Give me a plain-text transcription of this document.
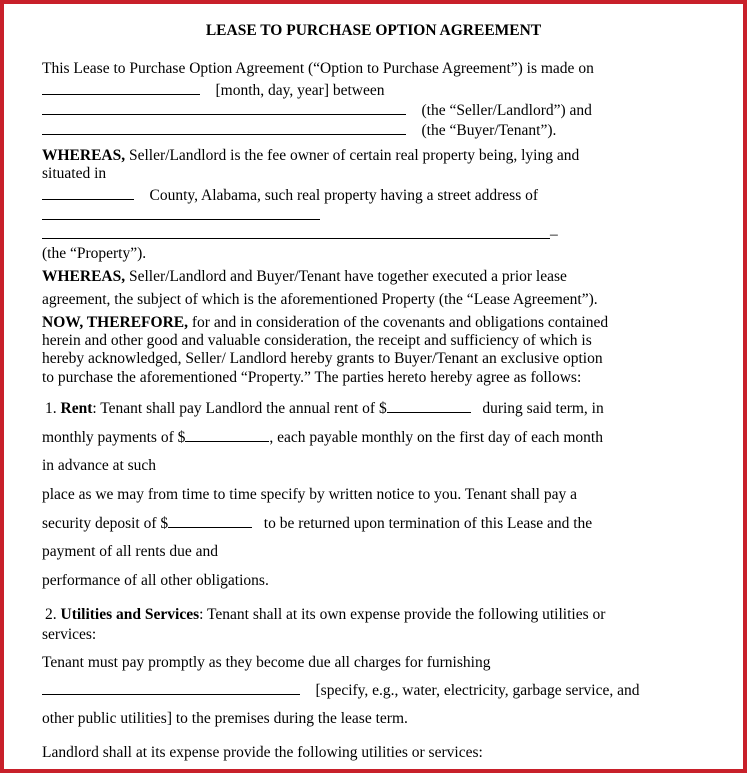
LEASE TO PURCHASE OPTION AGREEMENT
This Lease to Purchase Option Agreement (“Option to Purchase Agreement”) is made on
[month, day, year] between
(the “Seller/Landlord”) and
(the “Buyer/Tenant”).
WHEREAS, Seller/Landlord is the fee owner of certain real property being, lying and
situated in
County, Alabama, such real property having a street address of
–
(the “Property”).
WHEREAS, Seller/Landlord and Buyer/Tenant have together executed a prior lease
agreement, the subject of which is the aforementioned Property (the “Lease Agreement”).
NOW, THEREFORE, for and in consideration of the covenants and obligations contained
herein and other good and valuable consideration, the receipt and sufficiency of which is
hereby acknowledged, Seller/ Landlord hereby grants to Buyer/Tenant an exclusive option
to purchase the aforementioned “Property.” The parties hereto hereby agree as follows:
1. Rent: Tenant shall pay Landlord the annual rent of $	during said term, in
monthly payments of $	, each payable monthly on the first day of each month
in advance at such
place as we may from time to time specify by written notice to you. Tenant shall pay a
security deposit of $	to be returned upon termination of this Lease and the
payment of all rents due and
performance of all other obligations.
2. Utilities and Services: Tenant shall at its own expense provide the following utilities or
services:
Tenant must pay promptly as they become due all charges for furnishing
[specify, e.g., water, electricity, garbage service, and
other public utilities] to the premises during the lease term.
Landlord shall at its expense provide the following utilities or services:
